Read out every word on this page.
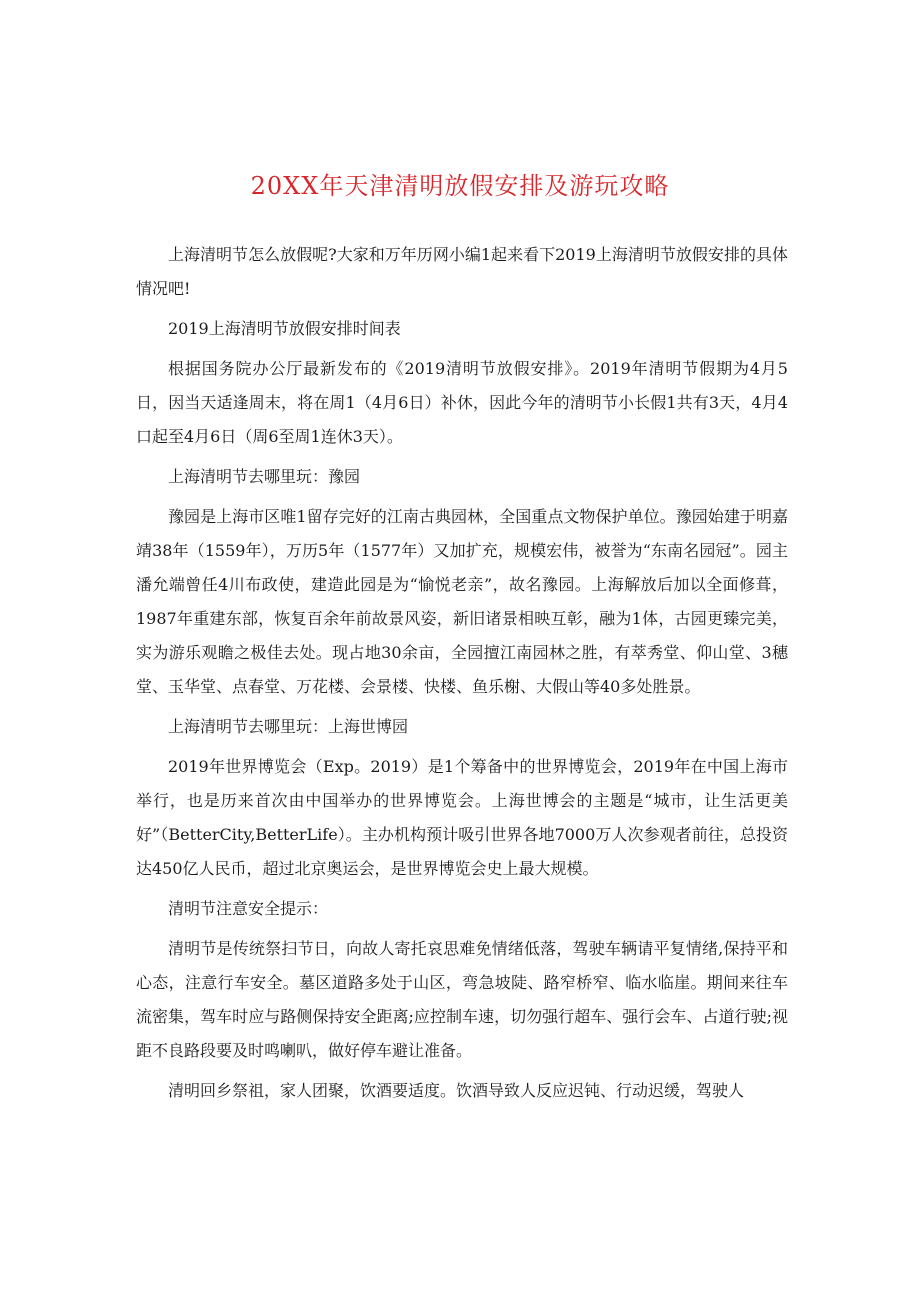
20XX年天津清明放假安排及游玩攻略

上海清明节怎么放假呢?大家和万年历网小编1起来看下2019上海清明节放假安排的具体情况吧!

2019上海清明节放假安排时间表

根据国务院办公厅最新发布的《2019清明节放假安排》。2019年清明节假期为4月5日，因当天适逢周末，将在周1（4月6日）补休，因此今年的清明节小长假1共有3天，4月4口起至4月6日（周6至周1连休3天）。

上海清明节去哪里玩：豫园

豫园是上海市区唯1留存完好的江南古典园林，全国重点文物保护单位。豫园始建于明嘉靖38年（1559年），万历5年（1577年）又加扩充，规模宏伟，被誉为“东南名园冠”。园主潘允端曾任4川布政使，建造此园是为“愉悦老亲”，故名豫园。上海解放后加以全面修葺，1987年重建东部，恢复百余年前故景风姿，新旧诸景相映互彰，融为1体，古园更臻完美，实为游乐观瞻之极佳去处。现占地30余亩，全园擅江南园林之胜，有萃秀堂、仰山堂、3穗堂、玉华堂、点春堂、万花楼、会景楼、快楼、鱼乐榭、大假山等40多处胜景。

上海清明节去哪里玩：上海世博园

2019年世界博览会（Exp。2019）是1个筹备中的世界博览会，2019年在中国上海市举行，也是历来首次由中国举办的世界博览会。上海世博会的主题是“城市，让生活更美好”（BetterCity,BetterLife）。主办机构预计吸引世界各地7000万人次参观者前往，总投资达450亿人民币，超过北京奥运会，是世界博览会史上最大规模。

清明节注意安全提示：

清明节是传统祭扫节日，向故人寄托哀思难免情绪低落，驾驶车辆请平复情绪,保持平和心态，注意行车安全。墓区道路多处于山区，弯急坡陡、路窄桥窄、临水临崖。期间来往车流密集，驾车时应与路侧保持安全距离;应控制车速，切勿强行超车、强行会车、占道行驶;视距不良路段要及时鸣喇叭，做好停车避让准备。

清明回乡祭祖，家人团聚，饮酒要适度。饮酒导致人反应迟钝、行动迟缓，驾驶人
